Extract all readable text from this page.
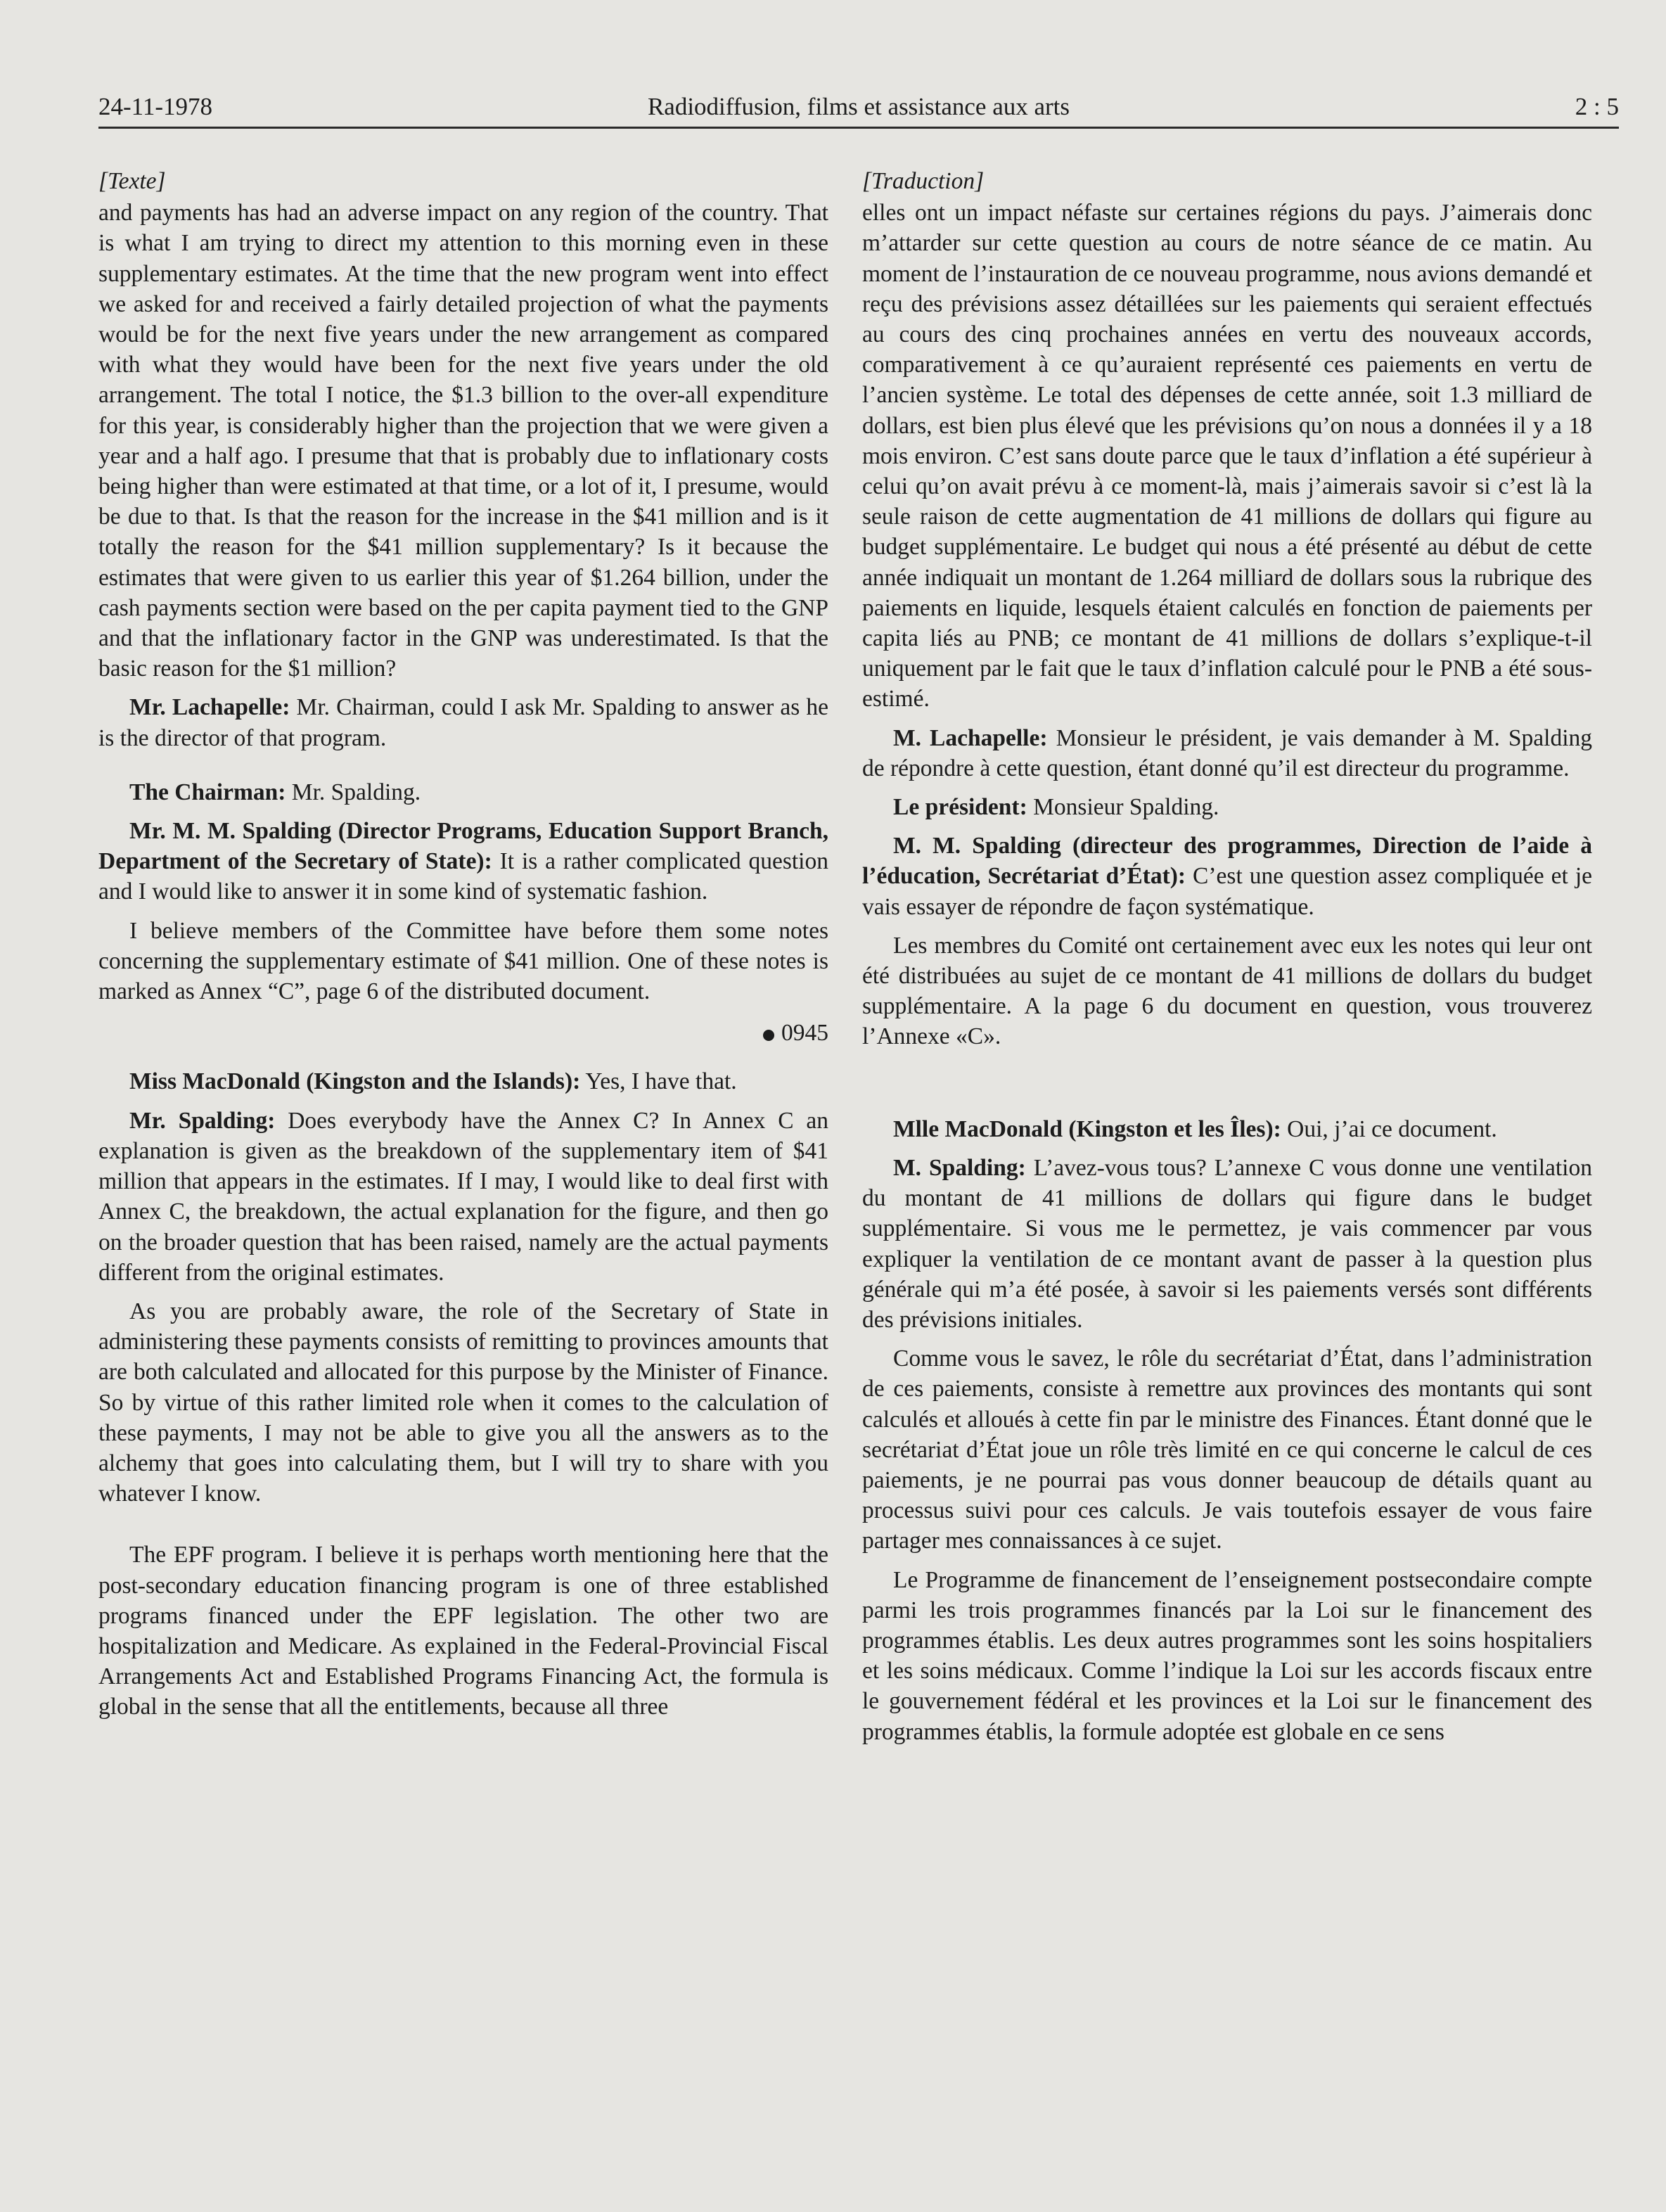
24-11-1978	Radiodiffusion, films et assistance aux arts	2 : 5

[Texte]

and payments has had an adverse impact on any region of the country. That is what I am trying to direct my attention to this morning even in these supplementary estimates. At the time that the new program went into effect we asked for and received a fairly detailed projection of what the payments would be for the next five years under the new arrangement as compared with what they would have been for the next five years under the old arrangement. The total I notice, the $1.3 billion to the over-all expenditure for this year, is considerably higher than the projection that we were given a year and a half ago. I presume that that is probably due to inflationary costs being higher than were estimated at that time, or a lot of it, I presume, would be due to that. Is that the reason for the increase in the $41 million and is it totally the reason for the $41 million supplementary? Is it because the estimates that were given to us earlier this year of $1.264 billion, under the cash payments section were based on the per capita payment tied to the GNP and that the inflationary factor in the GNP was underestimated. Is that the basic reason for the $1 million?

Mr. Lachapelle: Mr. Chairman, could I ask Mr. Spalding to answer as he is the director of that program.

The Chairman: Mr. Spalding.

Mr. M. M. Spalding (Director Programs, Education Support Branch, Department of the Secretary of State): It is a rather complicated question and I would like to answer it in some kind of systematic fashion.

I believe members of the Committee have before them some notes concerning the supplementary estimate of $41 million. One of these notes is marked as Annex “C”, page 6 of the distributed document.

0945

Miss MacDonald (Kingston and the Islands): Yes, I have that.

Mr. Spalding: Does everybody have the Annex C? In Annex C an explanation is given as the breakdown of the supplementary item of $41 million that appears in the estimates. If I may, I would like to deal first with Annex C, the breakdown, the actual explanation for the figure, and then go on the broader question that has been raised, namely are the actual payments different from the original estimates.

As you are probably aware, the role of the Secretary of State in administering these payments consists of remitting to provinces amounts that are both calculated and allocated for this purpose by the Minister of Finance. So by virtue of this rather limited role when it comes to the calculation of these payments, I may not be able to give you all the answers as to the alchemy that goes into calculating them, but I will try to share with you whatever I know.

The EPF program. I believe it is perhaps worth mentioning here that the post-secondary education financing program is one of three established programs financed under the EPF legislation. The other two are hospitalization and Medicare. As explained in the Federal-Provincial Fiscal Arrangements Act and Established Programs Financing Act, the formula is global in the sense that all the entitlements, because all three

[Traduction]

elles ont un impact néfaste sur certaines régions du pays. J’aimerais donc m’attarder sur cette question au cours de notre séance de ce matin. Au moment de l’instauration de ce nouveau programme, nous avions demandé et reçu des prévisions assez détaillées sur les paiements qui seraient effectués au cours des cinq prochaines années en vertu des nouveaux accords, comparativement à ce qu’auraient représenté ces paiements en vertu de l’ancien système. Le total des dépenses de cette année, soit 1.3 milliard de dollars, est bien plus élevé que les prévisions qu’on nous a données il y a 18 mois environ. C’est sans doute parce que le taux d’inflation a été supérieur à celui qu’on avait prévu à ce moment-là, mais j’aimerais savoir si c’est là la seule raison de cette augmentation de 41 millions de dollars qui figure au budget supplémentaire. Le budget qui nous a été présenté au début de cette année indiquait un montant de 1.264 milliard de dollars sous la rubrique des paiements en liquide, lesquels étaient calculés en fonction de paiements per capita liés au PNB; ce montant de 41 millions de dollars s’explique-t-il uniquement par le fait que le taux d’inflation calculé pour le PNB a été sous-estimé.

M. Lachapelle: Monsieur le président, je vais demander à M. Spalding de répondre à cette question, étant donné qu’il est directeur du programme.

Le président: Monsieur Spalding.

M. M. Spalding (directeur des programmes, Direction de l’aide à l’éducation, Secrétariat d’État): C’est une question assez compliquée et je vais essayer de répondre de façon systématique.

Les membres du Comité ont certainement avec eux les notes qui leur ont été distribuées au sujet de ce montant de 41 millions de dollars du budget supplémentaire. A la page 6 du document en question, vous trouverez l’Annexe «C».

Mlle MacDonald (Kingston et les Îles): Oui, j’ai ce document.

M. Spalding: L’avez-vous tous? L’annexe C vous donne une ventilation du montant de 41 millions de dollars qui figure dans le budget supplémentaire. Si vous me le permettez, je vais commencer par vous expliquer la ventilation de ce montant avant de passer à la question plus générale qui m’a été posée, à savoir si les paiements versés sont différents des prévisions initiales.

Comme vous le savez, le rôle du secrétariat d’État, dans l’administration de ces paiements, consiste à remettre aux provinces des montants qui sont calculés et alloués à cette fin par le ministre des Finances. Étant donné que le secrétariat d’État joue un rôle très limité en ce qui concerne le calcul de ces paiements, je ne pourrai pas vous donner beaucoup de détails quant au processus suivi pour ces calculs. Je vais toutefois essayer de vous faire partager mes connaissances à ce sujet.

Le Programme de financement de l’enseignement postsecondaire compte parmi les trois programmes financés par la Loi sur le financement des programmes établis. Les deux autres programmes sont les soins hospitaliers et les soins médicaux. Comme l’indique la Loi sur les accords fiscaux entre le gouvernement fédéral et les provinces et la Loi sur le financement des programmes établis, la formule adoptée est globale en ce sens
